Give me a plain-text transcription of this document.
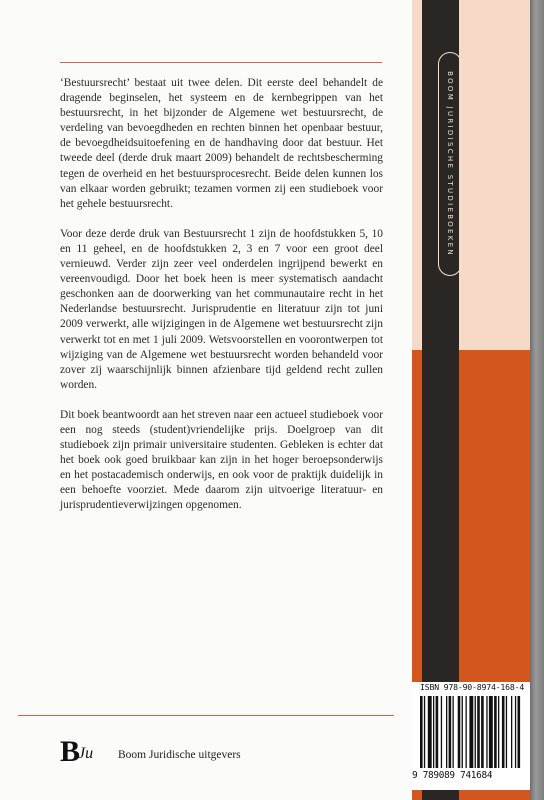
‘Bestuursrecht’ bestaat uit twee delen. Dit eerste deel behandelt de dragende beginselen, het systeem en de kernbegrippen van het bestuursrecht, in het bijzonder de Algemene wet bestuursrecht, de verdeling van bevoegdheden en rechten binnen het openbaar bestuur, de bevoegdheidsuitoefening en de handhaving door dat bestuur. Het tweede deel (derde druk maart 2009) behandelt de rechtsbescherming tegen de overheid en het bestuursprocesrecht. Beide delen kunnen los van elkaar worden gebruikt; tezamen vormen zij een studieboek voor het gehele bestuursrecht.

Voor deze derde druk van Bestuursrecht 1 zijn de hoofdstukken 5, 10 en 11 geheel, en de hoofdstukken 2, 3 en 7 voor een groot deel vernieuwd. Verder zijn zeer veel onderdelen ingrijpend bewerkt en vereenvoudigd. Door het boek heen is meer systematisch aandacht geschonken aan de doorwerking van het communautaire recht in het Nederlandse bestuursrecht. Jurisprudentie en literatuur zijn tot juni 2009 verwerkt, alle wijzigingen in de Algemene wet bestuursrecht zijn verwerkt tot en met 1 juli 2009. Wetsvoorstellen en voorontwerpen tot wijziging van de Algemene wet bestuursrecht worden behandeld voor zover zij waarschijnlijk binnen afzienbare tijd geldend recht zullen worden.

Dit boek beantwoordt aan het streven naar een actueel studieboek voor een nog steeds (student)vriendelijke prijs. Doelgroep van dit studieboek zijn primair universitaire studenten. Gebleken is echter dat het boek ook goed bruikbaar kan zijn in het hoger beroepsonderwijs en het postacademisch onderwijs, en ook voor de praktijk duidelijk in een behoefte voorziet. Mede daarom zijn uitvoerige literatuur- en jurisprudentieverwijzingen opgenomen.

BOOM JURIDISCHE STUDIEBOEKEN
B
Ju Boom Juridische uitgevers
ISBN 978-90-8974-168-4
9 789089 741684
